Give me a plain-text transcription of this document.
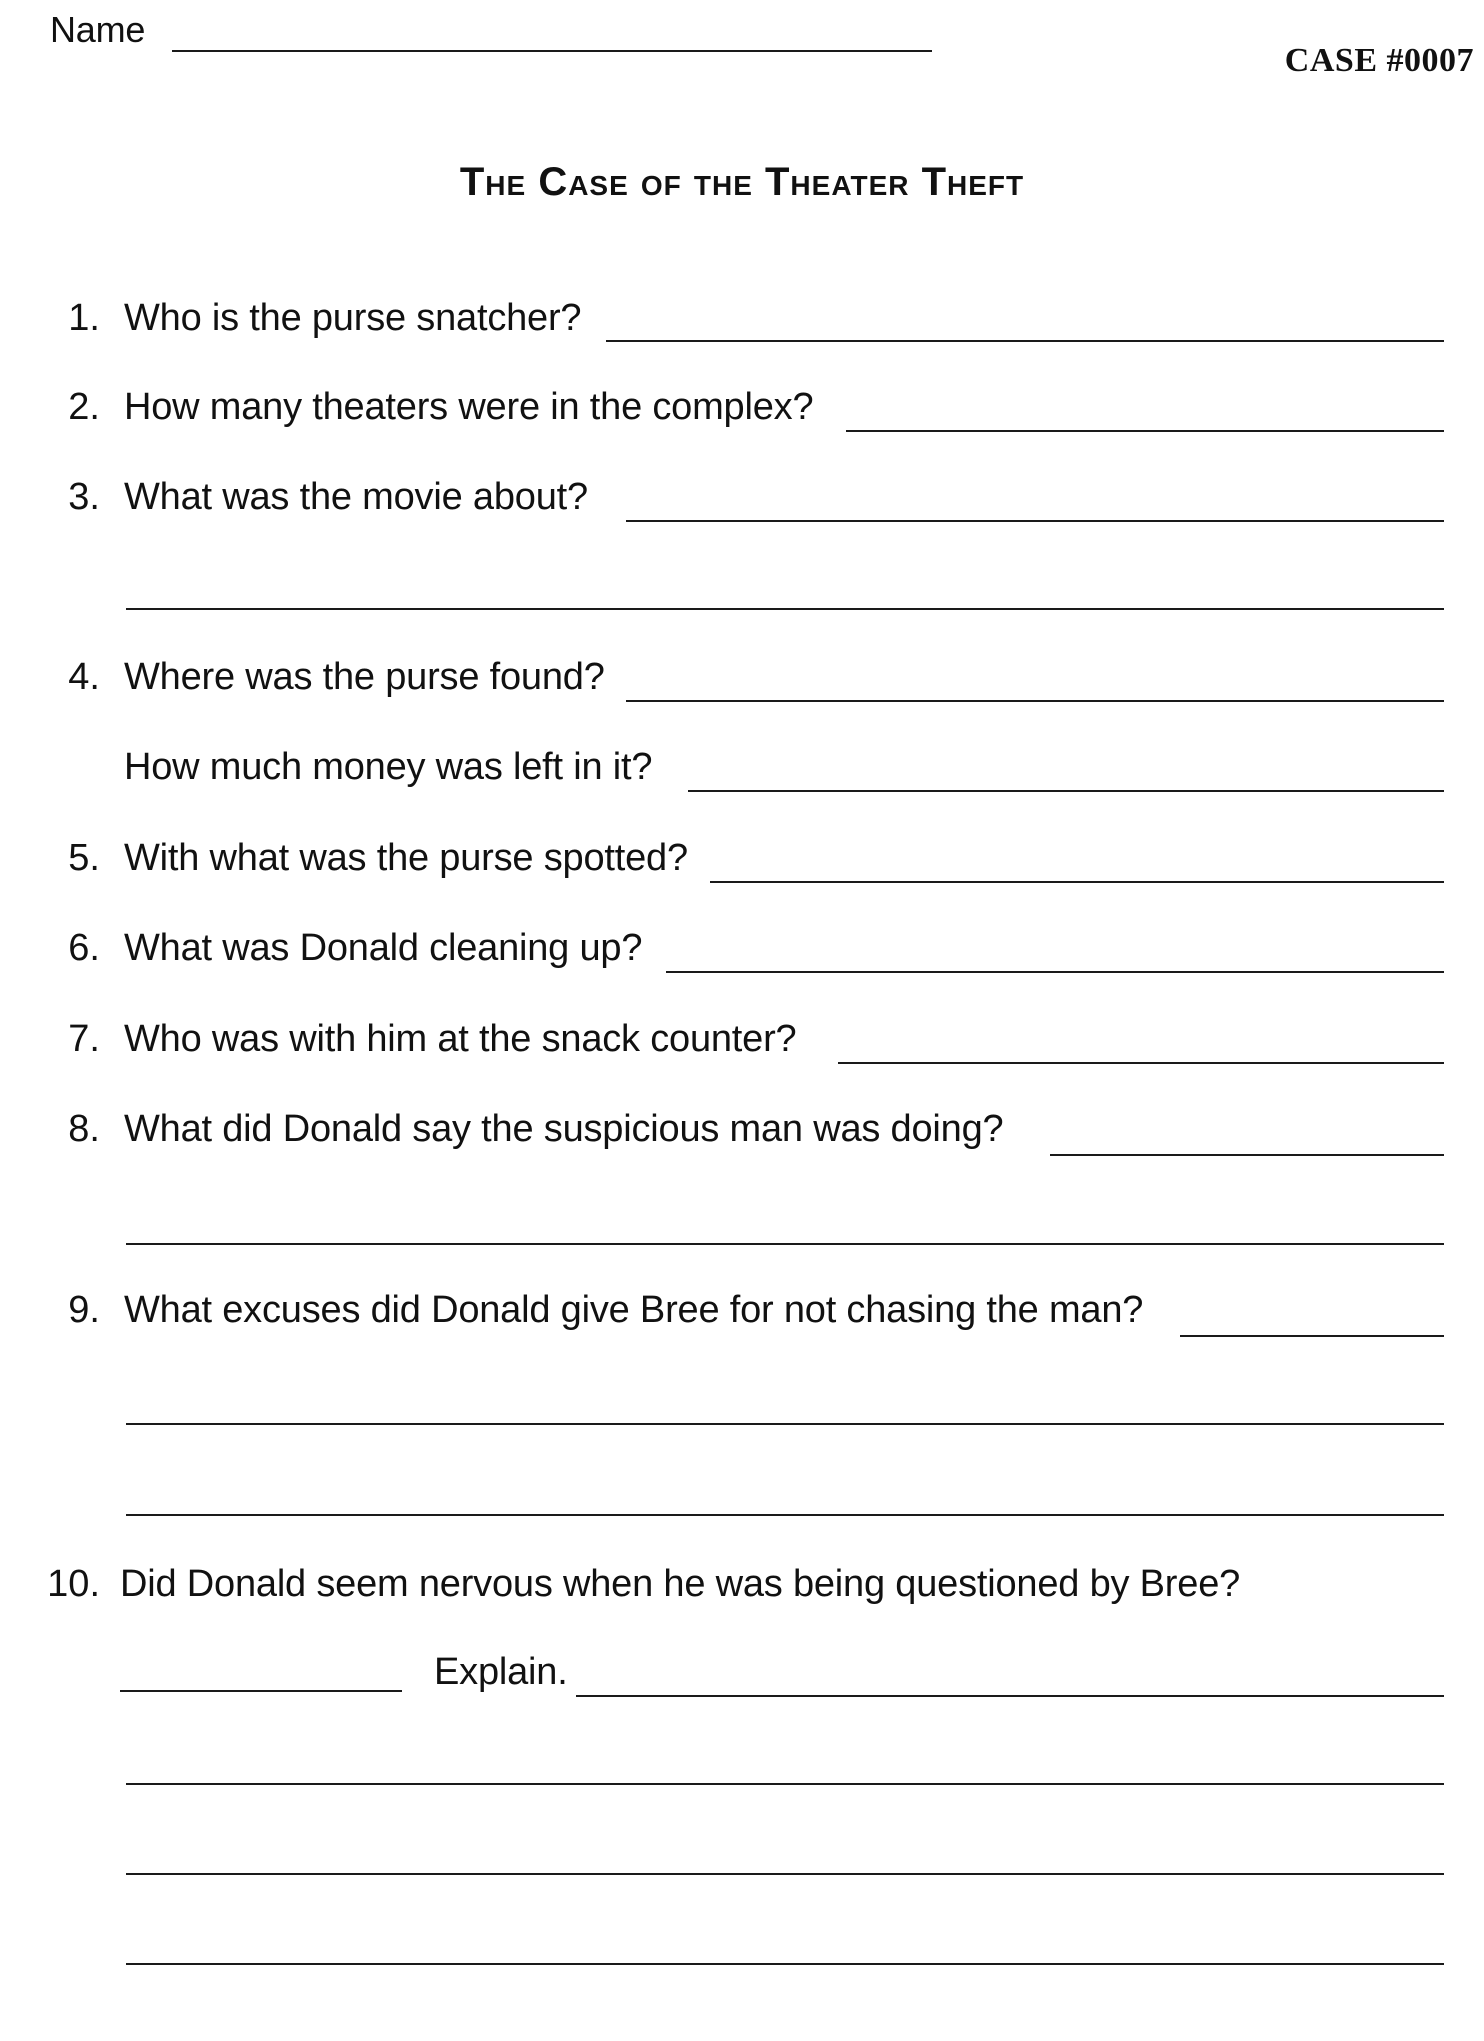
Name
CASE #0007
The Case of the Theater Theft
1. Who is the purse snatcher?
2. How many theaters were in the complex?
3. What was the movie about?
4. Where was the purse found?
How much money was left in it?
5. With what was the purse spotted?
6. What was Donald cleaning up?
7. Who was with him at the snack counter?
8. What did Donald say the suspicious man was doing?
9. What excuses did Donald give Bree for not chasing the man?
10. Did Donald seem nervous when he was being questioned by Bree?
Explain.
